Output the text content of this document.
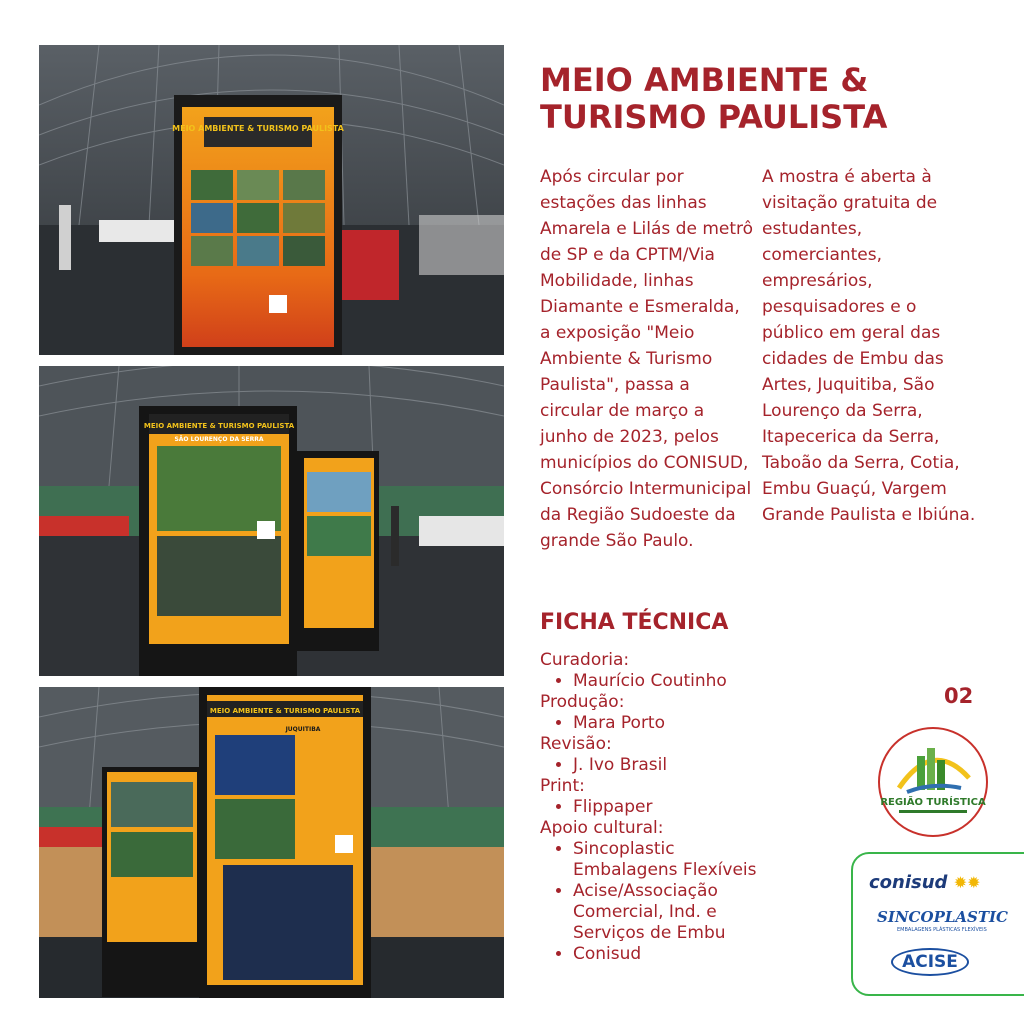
MEIO AMBIENTE & TURISMO PAULISTA
MEIO AMBIENTE & TURISMO PAULISTA
SÃO LOURENÇO DA SERRA
MEIO AMBIENTE & TURISMO PAULISTA
JUQUITIBA
MEIO AMBIENTE &
TURISMO PAULISTA
Após circular por estações das linhas Amarela e Lilás de metrô de SP e da CPTM/Via Mobilidade, linhas Diamante e Esmeralda, a exposição "Meio Ambiente & Turismo Paulista", passa a circular de março a junho de 2023, pelos municípios do CONISUD, Consórcio Intermunicipal da Região Sudoeste da grande São Paulo.
A mostra é aberta à visitação gratuita de estudantes, comerciantes, empresários, pesquisadores e o público em geral das cidades de Embu das Artes, Juquitiba, São Lourenço da Serra, Itapecerica da Serra, Taboão da Serra, Cotia, Embu Guaçú, Vargem Grande Paulista e Ibiúna.
FICHA TÉCNICA
Curadoria:
• Maurício Coutinho
Produção:
• Mara Porto
Revisão:
• J. Ivo Brasil
Print:
• Flippaper
Apoio cultural:
• Sincoplastic Embalagens Flexíveis
• Acise/Associação Comercial, Ind. e Serviços de Embu
• Conisud
02
REGIÃO TURÍSTICA
conisud ✹✹
SINCOPLASTIC
EMBALAGENS PLÁSTICAS FLEXÍVEIS
ACISE
